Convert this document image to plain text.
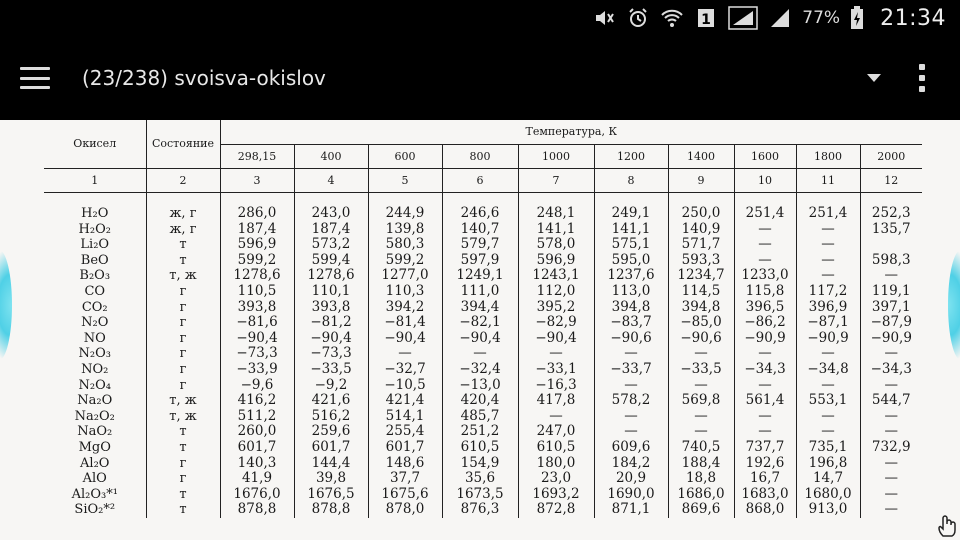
1	77% 21:34
(23/238) svoisva-okislov
Окисел	Состояние	Температура, К									
		298,15	400	600	800	1000	1200	1400	1600	1800	2000
1	2	3	4	5	6	7	8	9	10	11	12

H₂O	ж, г	286,0	243,0	244,9	246,6	248,1	249,1	250,0	251,4	251,4	252,3
H₂O₂	ж, г	187,4	187,4	139,8	140,7	141,1	141,1	140,9	—	—	135,7
Li₂O	т	596,9	573,2	580,3	579,7	578,0	575,1	571,7	—	—	
BeO	т	599,2	599,4	599,2	597,9	596,9	595,0	593,3	—	—	598,3
B₂O₃	т, ж	1278,6	1278,6	1277,0	1249,1	1243,1	1237,6	1234,7	1233,0	—	—
CO	г	110,5	110,1	110,3	111,0	112,0	113,0	114,5	115,8	117,2	119,1
CO₂	г	393,8	393,8	394,2	394,4	395,2	394,8	394,8	396,5	396,9	397,1
N₂O	г	−81,6	−81,2	−81,4	−82,1	−82,9	−83,7	−85,0	−86,2	−87,1	−87,9
NO	г	−90,4	−90,4	−90,4	−90,4	−90,4	−90,6	−90,6	−90,9	−90,9	−90,9
N₂O₃	г	−73,3	−73,3	—	—	—	—	—	—	—	—
NO₂	г	−33,9	−33,5	−32,7	−32,4	−33,1	−33,7	−33,5	−34,3	−34,8	−34,3
N₂O₄	г	−9,6	−9,2	−10,5	−13,0	−16,3	—	—	—	—	—
Na₂O	т, ж	416,2	421,6	421,4	420,4	417,8	578,2	569,8	561,4	553,1	544,7
Na₂O₂	т, ж	511,2	516,2	514,1	485,7	—	—	—	—	—	—
NaO₂	т	260,0	259,6	255,4	251,2	247,0	—	—	—	—	—
MgO	т	601,7	601,7	601,7	610,5	610,5	609,6	740,5	737,7	735,1	732,9
Al₂O	г	140,3	144,4	148,6	154,9	180,0	184,2	188,4	192,6	196,8	—
AlO	г	41,9	39,8	37,7	35,6	23,0	20,9	18,8	16,7	14,7	—
Al₂O₃*¹	т	1676,0	1676,5	1675,6	1673,5	1693,2	1690,0	1686,0	1683,0	1680,0	—
SiO₂*²	т	878,8	878,8	878,0	876,3	872,8	871,1	869,6	868,0	913,0	—
